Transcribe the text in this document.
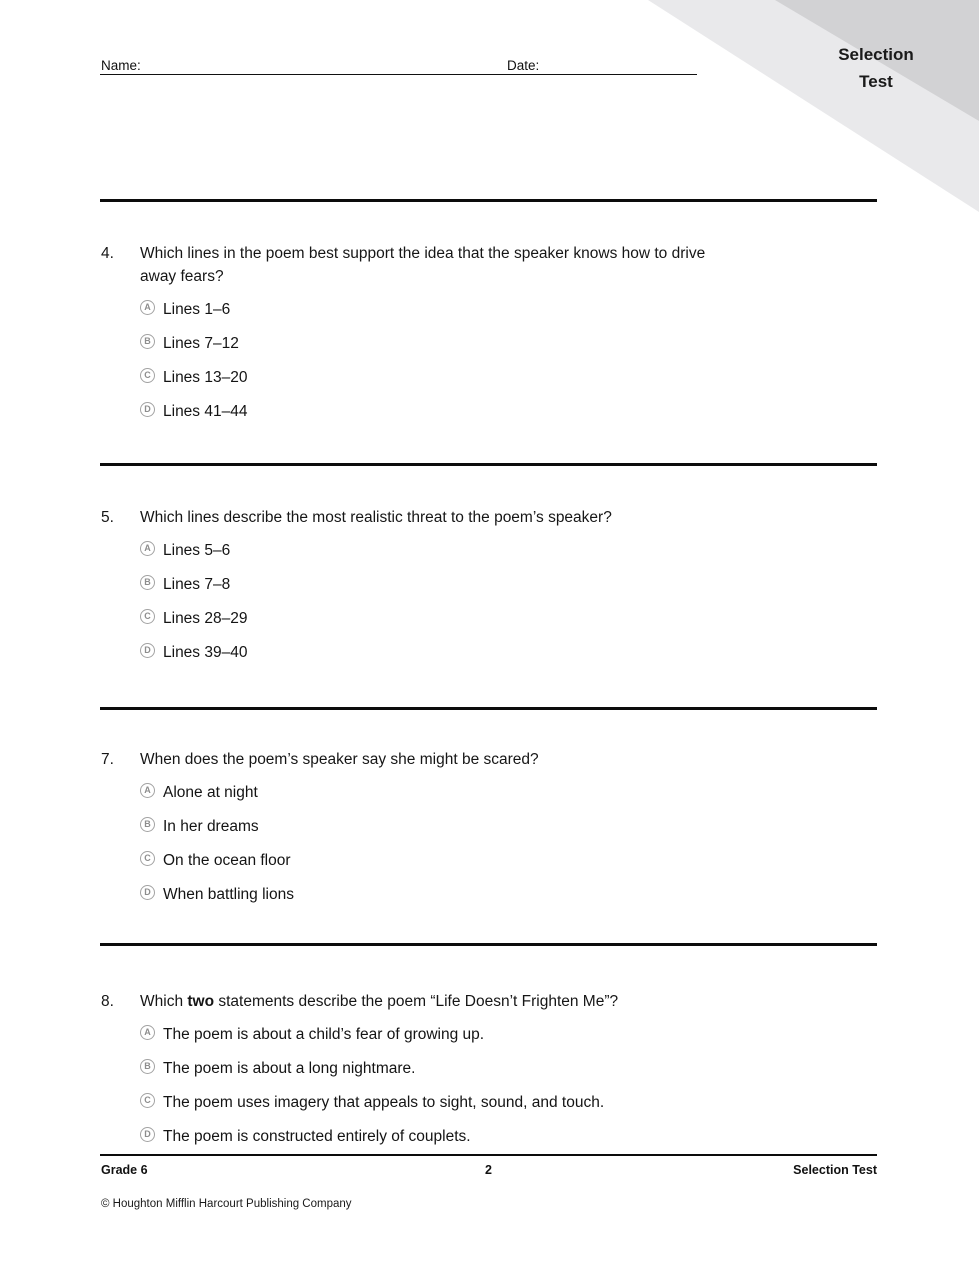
Selection
Test
Name:	Date:
4. Which lines in the poem best support the idea that the speaker knows how to drive
away fears?
A Lines 1–6
B Lines 7–12
C Lines 13–20
D Lines 41–44
5. Which lines describe the most realistic threat to the poem’s speaker?
A Lines 5–6
B Lines 7–8
C Lines 28–29
D Lines 39–40
7. When does the poem’s speaker say she might be scared?
A Alone at night
B In her dreams
C On the ocean floor
D When battling lions
8. Which two statements describe the poem “Life Doesn’t Frighten Me”?
A The poem is about a child’s fear of growing up.
B The poem is about a long nightmare.
C The poem uses imagery that appeals to sight, sound, and touch.
D The poem is constructed entirely of couplets.
Grade 6	2	Selection Test
© Houghton Mifflin Harcourt Publishing Company
